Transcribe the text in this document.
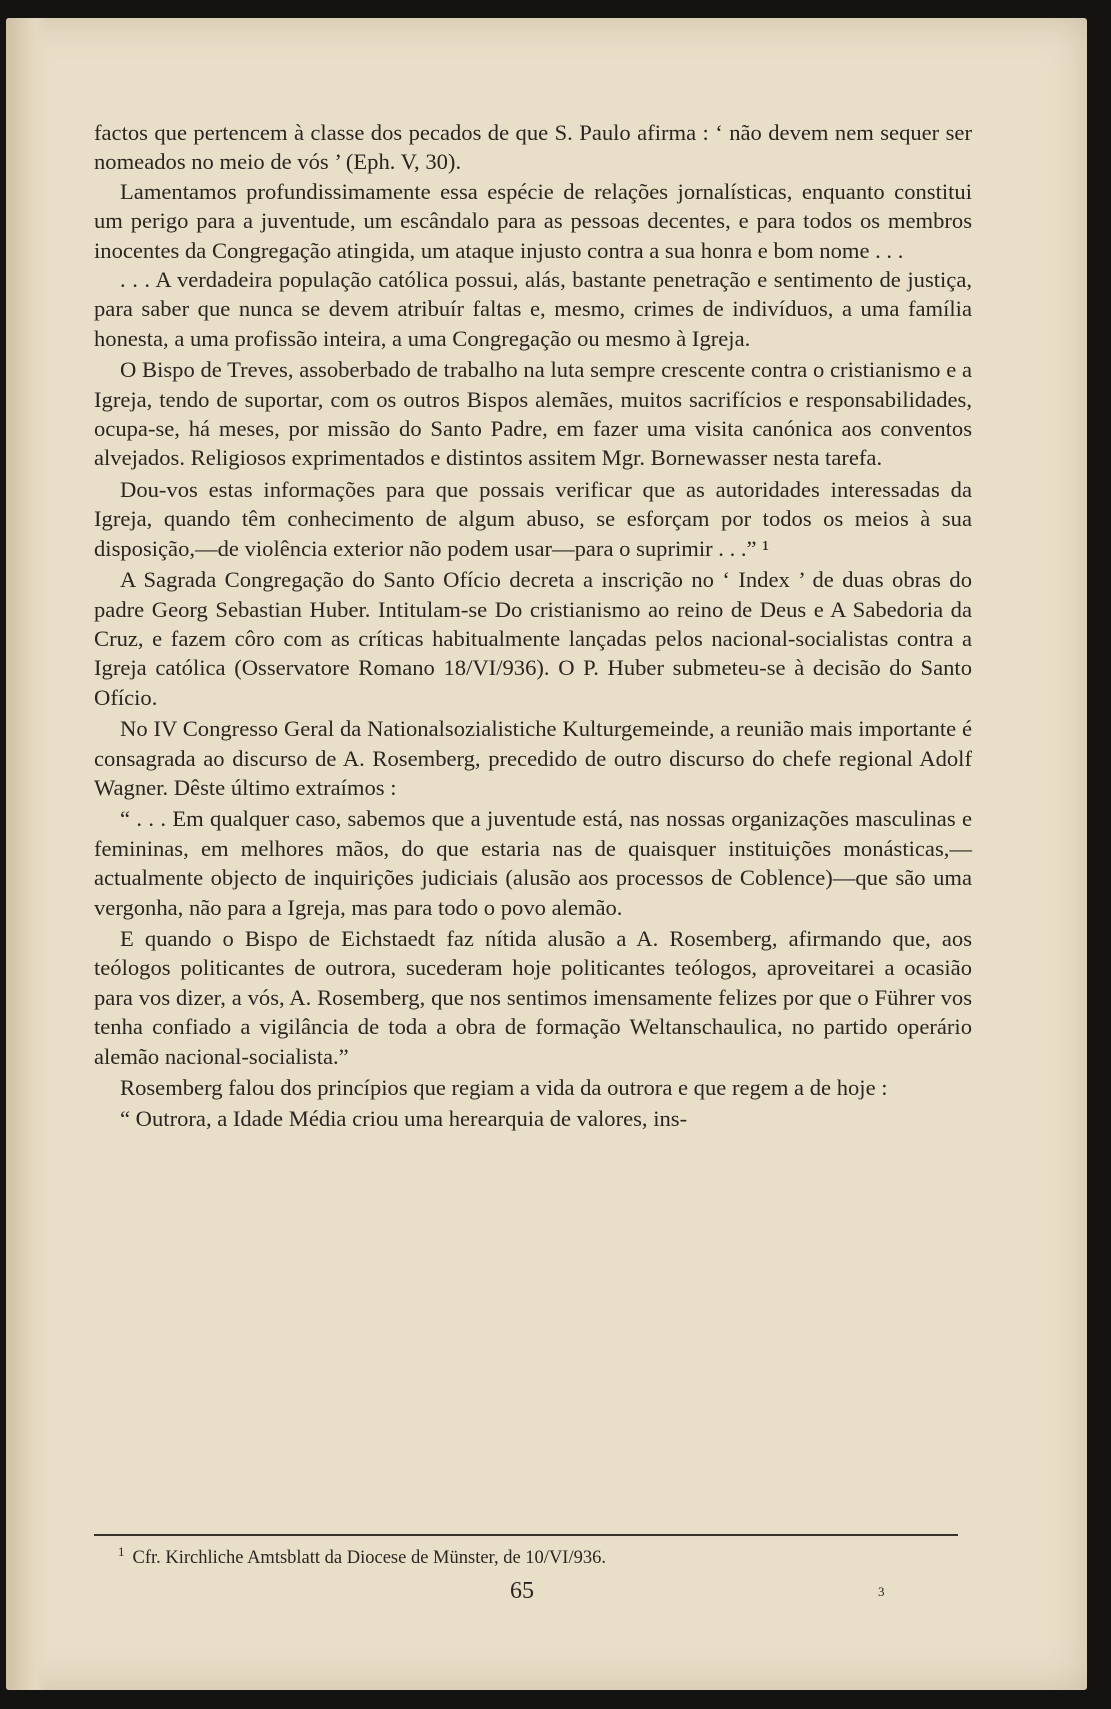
factos que pertencem à classe dos pecados de que S. Paulo afirma : ‘ não devem nem sequer ser nomeados no meio de vós ’ (Eph. V, 30).

Lamentamos profundissimamente essa espécie de relações jornalísticas, enquanto constitui um perigo para a juventude, um escândalo para as pessoas decentes, e para todos os membros inocentes da Congregação atingida, um ataque injusto contra a sua honra e bom nome . . .

. . . A verdadeira população católica possui, alás, bastante penetração e sentimento de justiça, para saber que nunca se devem atribuír faltas e, mesmo, crimes de indivíduos, a uma família honesta, a uma profissão inteira, a uma Congregação ou mesmo à Igreja.

O Bispo de Treves, assoberbado de trabalho na luta sempre crescente contra o cristianismo e a Igreja, tendo de suportar, com os outros Bispos alemães, muitos sacrifícios e responsabilidades, ocupa-se, há meses, por missão do Santo Padre, em fazer uma visita canónica aos conventos alvejados. Religiosos exprimentados e distintos assitem Mgr. Bornewasser nesta tarefa.

Dou-vos estas informações para que possais verificar que as autoridades interessadas da Igreja, quando têm conhecimento de algum abuso, se esforçam por todos os meios à sua disposição,—de violência exterior não podem usar—para o suprimir . . .” ¹

A Sagrada Congregação do Santo Ofício decreta a inscrição no ‘ Index ’ de duas obras do padre Georg Sebastian Huber. Intitulam-se Do cristianismo ao reino de Deus e A Sabedoria da Cruz, e fazem côro com as críticas habitualmente lançadas pelos nacional-socialistas contra a Igreja católica (Osservatore Romano 18/VI/936). O P. Huber submeteu-se à decisão do Santo Ofício.

No IV Congresso Geral da Nationalsozialistiche Kulturgemeinde, a reunião mais importante é consagrada ao discurso de A. Rosemberg, precedido de outro discurso do chefe regional Adolf Wagner. Dêste último extraímos :

“ . . . Em qualquer caso, sabemos que a juventude está, nas nossas organizações masculinas e femininas, em melhores mãos, do que estaria nas de quaisquer instituições monásticas,—actualmente objecto de inquirições judiciais (alusão aos processos de Coblence)—que são uma vergonha, não para a Igreja, mas para todo o povo alemão.

E quando o Bispo de Eichstaedt faz nítida alusão a A. Rosemberg, afirmando que, aos teólogos politicantes de outrora, sucederam hoje politicantes teólogos, aproveitarei a ocasião para vos dizer, a vós, A. Rosemberg, que nos sentimos imensamente felizes por que o Führer vos tenha confiado a vigilância de toda a obra de formação Weltanschaulica, no partido operário alemão nacional-socialista.”

Rosemberg falou dos princípios que regiam a vida da outrora e que regem a de hoje :

“ Outrora, a Idade Média criou uma herearquia de valores, ins-

$^1$ Cfr. Kirchliche Amtsblatt da Diocese de Münster, de 10/VI/936.
65	3
